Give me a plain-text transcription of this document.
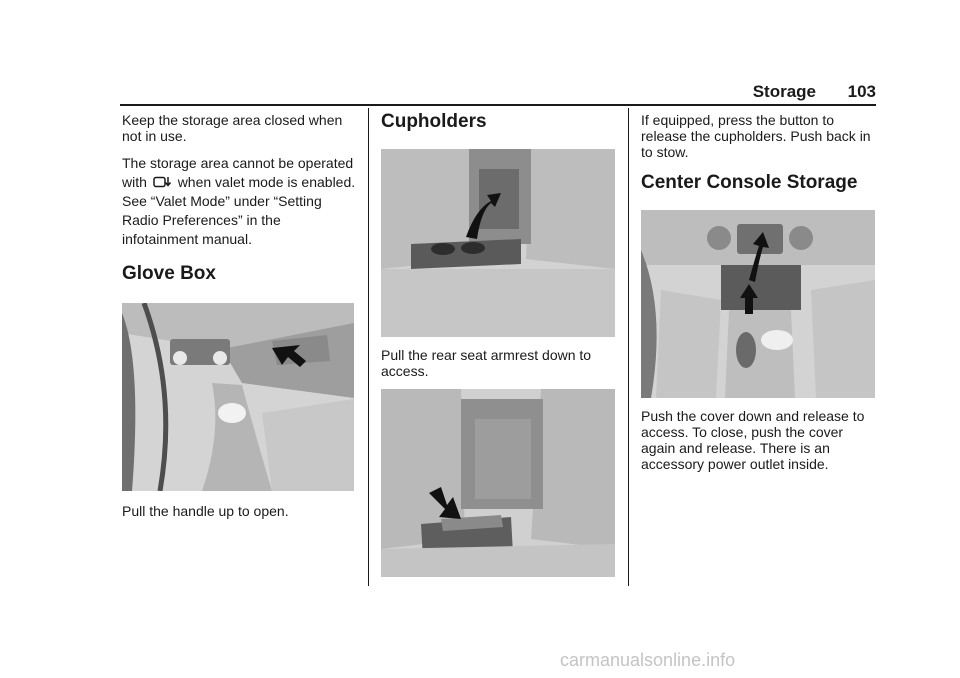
Storage 103

Keep the storage area closed when not in use.

The storage area cannot be operated with when valet mode is enabled. See “Valet Mode” under “Setting Radio Preferences” in the infotainment manual.

Glove Box

Pull the handle up to open.

Cupholders

Pull the rear seat armrest down to access.

If equipped, press the button to release the cupholders. Push back in to stow.

Center Console Storage

Push the cover down and release to access. To close, push the cover again and release. There is an accessory power outlet inside.

carmanualsonline.info
